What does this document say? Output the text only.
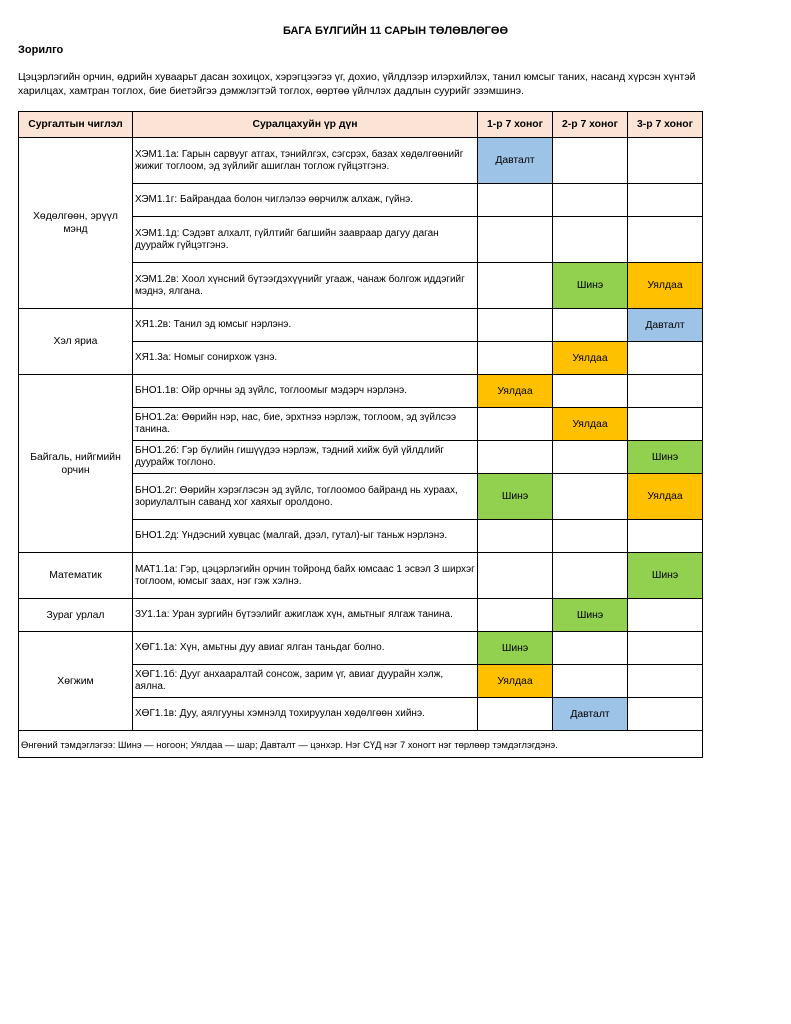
БАГА БҮЛГИЙН 11 САРЫН ТӨЛӨВЛӨГӨӨ
Зорилго
Цэцэрлэгийн орчин, өдрийн хуваарьт дасан зохицох, хэрэгцээгээ үг, дохио, үйлдлээр илэрхийлэх, танил юмсыг таних, насанд хүрсэн хүнтэй харилцах, хамтран тоглох, бие биетэйгээ дэмжлэгтэй тоглох, өөртөө үйлчлэх дадлын суурийг эзэмшинэ.
Сургалтын чиглэл	Суралцахуйн үр дүн	1-р 7 хоног	2-р 7 хоног	3-р 7 хоног
Хөдөлгөөн, эрүүл мэнд	ХЭМ1.1а: Гарын сарвууг атгах, тэнийлгэх, сэгсрэх, базах хөдөлгөөнийг жижиг тоглоом, эд зүйлийг ашиглан тоглож гүйцэтгэнэ.	Давталт		
	ХЭМ1.1г: Байрандаа болон чиглэлээ өөрчилж алхаж, гүйнэ.			
	ХЭМ1.1д: Сэдэвт алхалт, гүйлтийг багшийн заавраар дагуу даган дуурайж гүйцэтгэнэ.			
	ХЭМ1.2в: Хоол хүнсний бүтээгдэхүүнийг угааж, чанаж болгож иддэгийг мэднэ, ялгана.		Шинэ	Уялдаа
Хэл яриа	ХЯ1.2в: Танил эд юмсыг нэрлэнэ.			Давталт
	ХЯ1.3а: Номыг сонирхож үзнэ.		Уялдаа	
Байгаль, нийгмийн орчин	БНО1.1в: Ойр орчны эд зүйлс, тоглоомыг мэдэрч нэрлэнэ.	Уялдаа		
	БНО1.2а: Өөрийн нэр, нас, бие, эрхтнээ нэрлэж, тоглоом, эд зүйлсээ танина.		Уялдаа	
	БНО1.2б: Гэр бүлийн гишүүдээ нэрлэж, тэдний хийж буй үйлдлийг дуурайж тоглоно.			Шинэ
	БНО1.2г: Өөрийн хэрэглэсэн эд зүйлс, тоглоомоо байранд нь хураах, зориулалтын саванд хог хаяхыг оролдоно.	Шинэ		Уялдаа
	БНО1.2д: Үндэсний хувцас (малгай, дээл, гутал)-ыг таньж нэрлэнэ.			
Математик	МАТ1.1а: Гэр, цэцэрлэгийн орчин тойронд байх юмсаас 1 эсвэл 3 ширхэг тоглоом, юмсыг заах, нэг гэж хэлнэ.			Шинэ
Зураг урлал	ЗУ1.1а: Уран зургийн бүтээлийг ажиглаж хүн, амьтныг ялгаж танина.		Шинэ	
Хөгжим	ХӨГ1.1а: Хүн, амьтны дуу авиаг ялган таньдаг болно.	Шинэ		
	ХӨГ1.1б: Дууг анхааралтай сонсож, зарим үг, авиаг дуурайн хэлж, аялна.	Уялдаа		
	ХӨГ1.1в: Дуу, аялгууны хэмнэлд тохируулан хөдөлгөөн хийнэ.		Давталт	
Өнгөний тэмдэглэгээ: Шинэ — ногоон; Уялдаа — шар; Давталт — цэнхэр. Нэг СҮД нэг 7 хоногт нэг төрлөөр тэмдэглэгдэнэ.				
